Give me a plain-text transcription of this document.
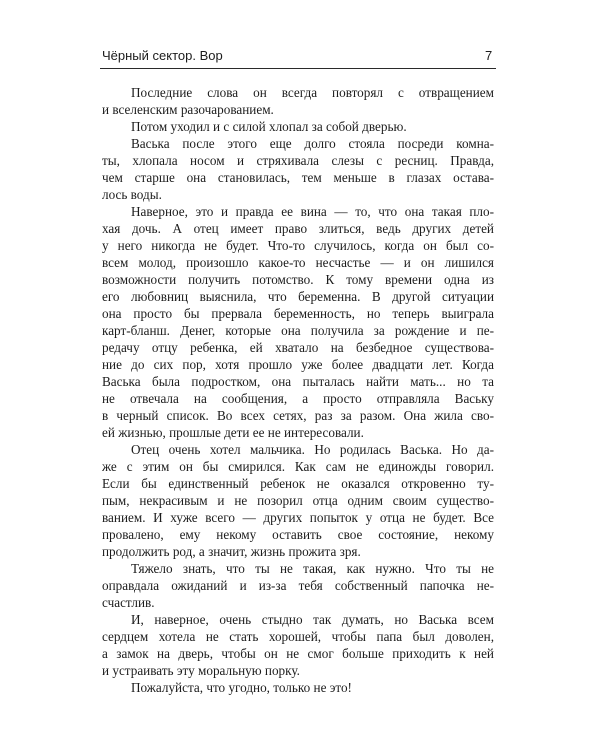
Чёрный сектор. Вор	7
Последние слова он всегда повторял с отвращением
и вселенским разочарованием.
Потом уходил и с силой хлопал за собой дверью.
Васька после этого еще долго стояла посреди комна-
ты, хлопала носом и стряхивала слезы с ресниц. Правда,
чем старше она становилась, тем меньше в глазах остава-
лось воды.
Наверное, это и правда ее вина — то, что она такая пло-
хая дочь. А отец имеет право злиться, ведь других детей
у него никогда не будет. Что-то случилось, когда он был со-
всем молод, произошло какое-то несчастье — и он лишился
возможности получить потомство. К тому времени одна из
его любовниц выяснила, что беременна. В другой ситуации
она просто бы прервала беременность, но теперь выиграла
карт-бланш. Денег, которые она получила за рождение и пе-
редачу отцу ребенка, ей хватало на безбедное существова-
ние до сих пор, хотя прошло уже более двадцати лет. Когда
Васька была подростком, она пыталась найти мать... но та
не отвечала на сообщения, а просто отправляла Ваську
в черный список. Во всех сетях, раз за разом. Она жила сво-
ей жизнью, прошлые дети ее не интересовали.
Отец очень хотел мальчика. Но родилась Васька. Но да-
же с этим он бы смирился. Как сам не единожды говорил.
Если бы единственный ребенок не оказался откровенно ту-
пым, некрасивым и не позорил отца одним своим существо-
ванием. И хуже всего — других попыток у отца не будет. Все
провалено, ему некому оставить свое состояние, некому
продолжить род, а значит, жизнь прожита зря.
Тяжело знать, что ты не такая, как нужно. Что ты не
оправдала ожиданий и из-за тебя собственный папочка не-
счастлив.
И, наверное, очень стыдно так думать, но Васька всем
сердцем хотела не стать хорошей, чтобы папа был доволен,
а замок на дверь, чтобы он не смог больше приходить к ней
и устраивать эту моральную порку.
Пожалуйста, что угодно, только не это!
